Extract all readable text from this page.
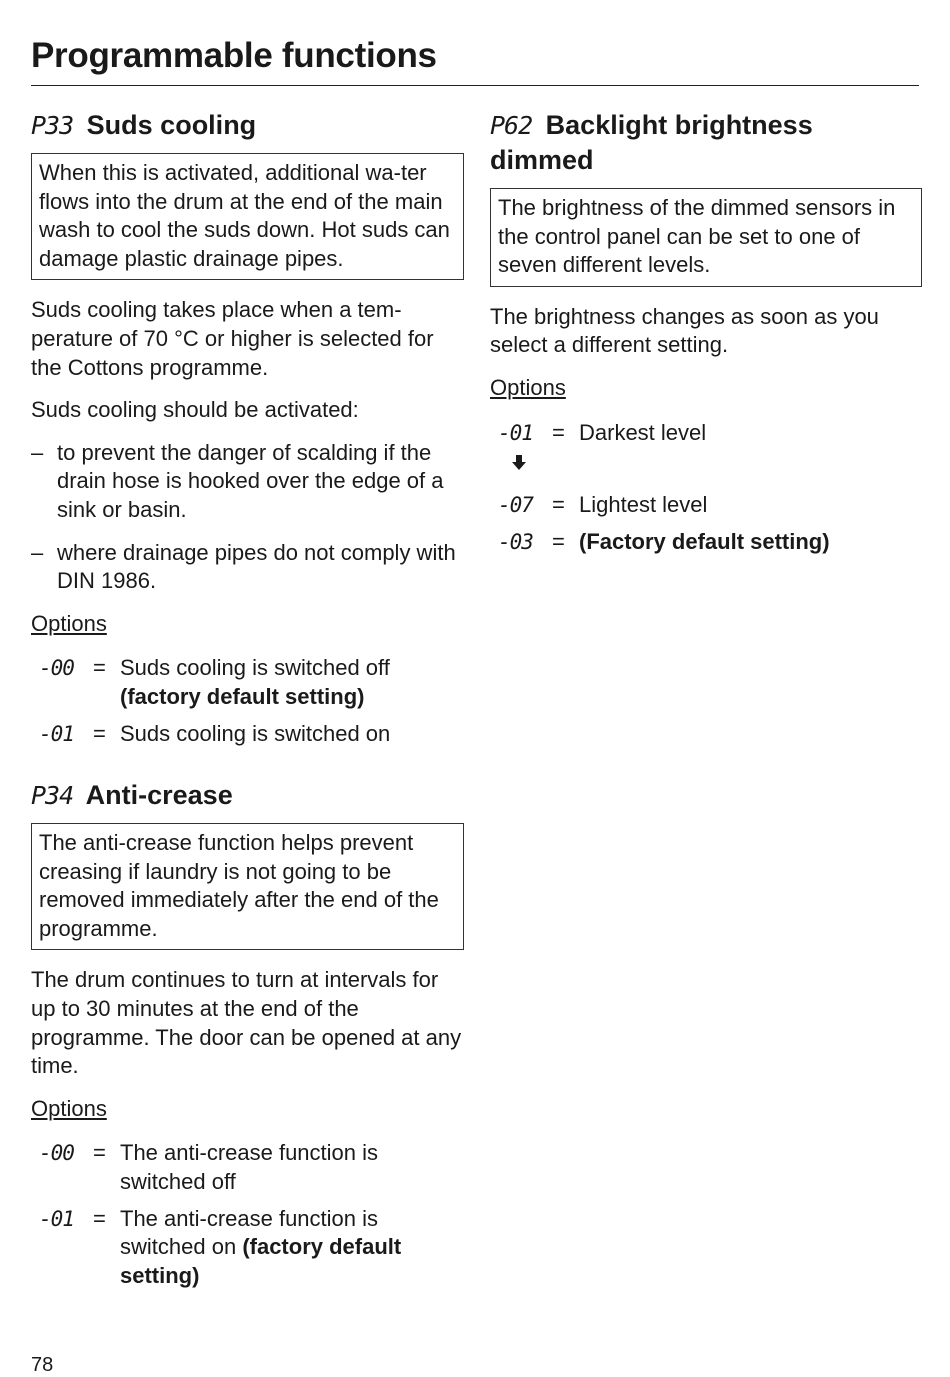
Programmable functions
P33 Suds cooling
When this is activated, additional wa-ter flows into the drum at the end of the main wash to cool the suds down. Hot suds can damage plastic drainage pipes.

Suds cooling takes place when a tem-perature of 70 °C or higher is selected for the Cottons programme.

Suds cooling should be activated:

– to prevent the danger of scalding if the drain hose is hooked over the edge of a sink or basin.
– where drainage pipes do not comply with DIN 1986.
Options
-00 = Suds cooling is switched off
(factory default setting)
-01 = Suds cooling is switched on
P34 Anti-crease
The anti-crease function helps prevent creasing if laundry is not going to be removed immediately after the end of the programme.

The drum continues to turn at intervals for up to 30 minutes at the end of the programme. The door can be opened at any time.

Options
-00 = The anti-crease function is switched off
-01 = The anti-crease function is switched on (factory default setting)
P62 Backlight brightness dimmed
The brightness of the dimmed sensors in the control panel can be set to one of seven different levels.

The brightness changes as soon as you select a different setting.

Options
-01 = Darkest level
-07 = Lightest level
-03 = (Factory default setting)
78
